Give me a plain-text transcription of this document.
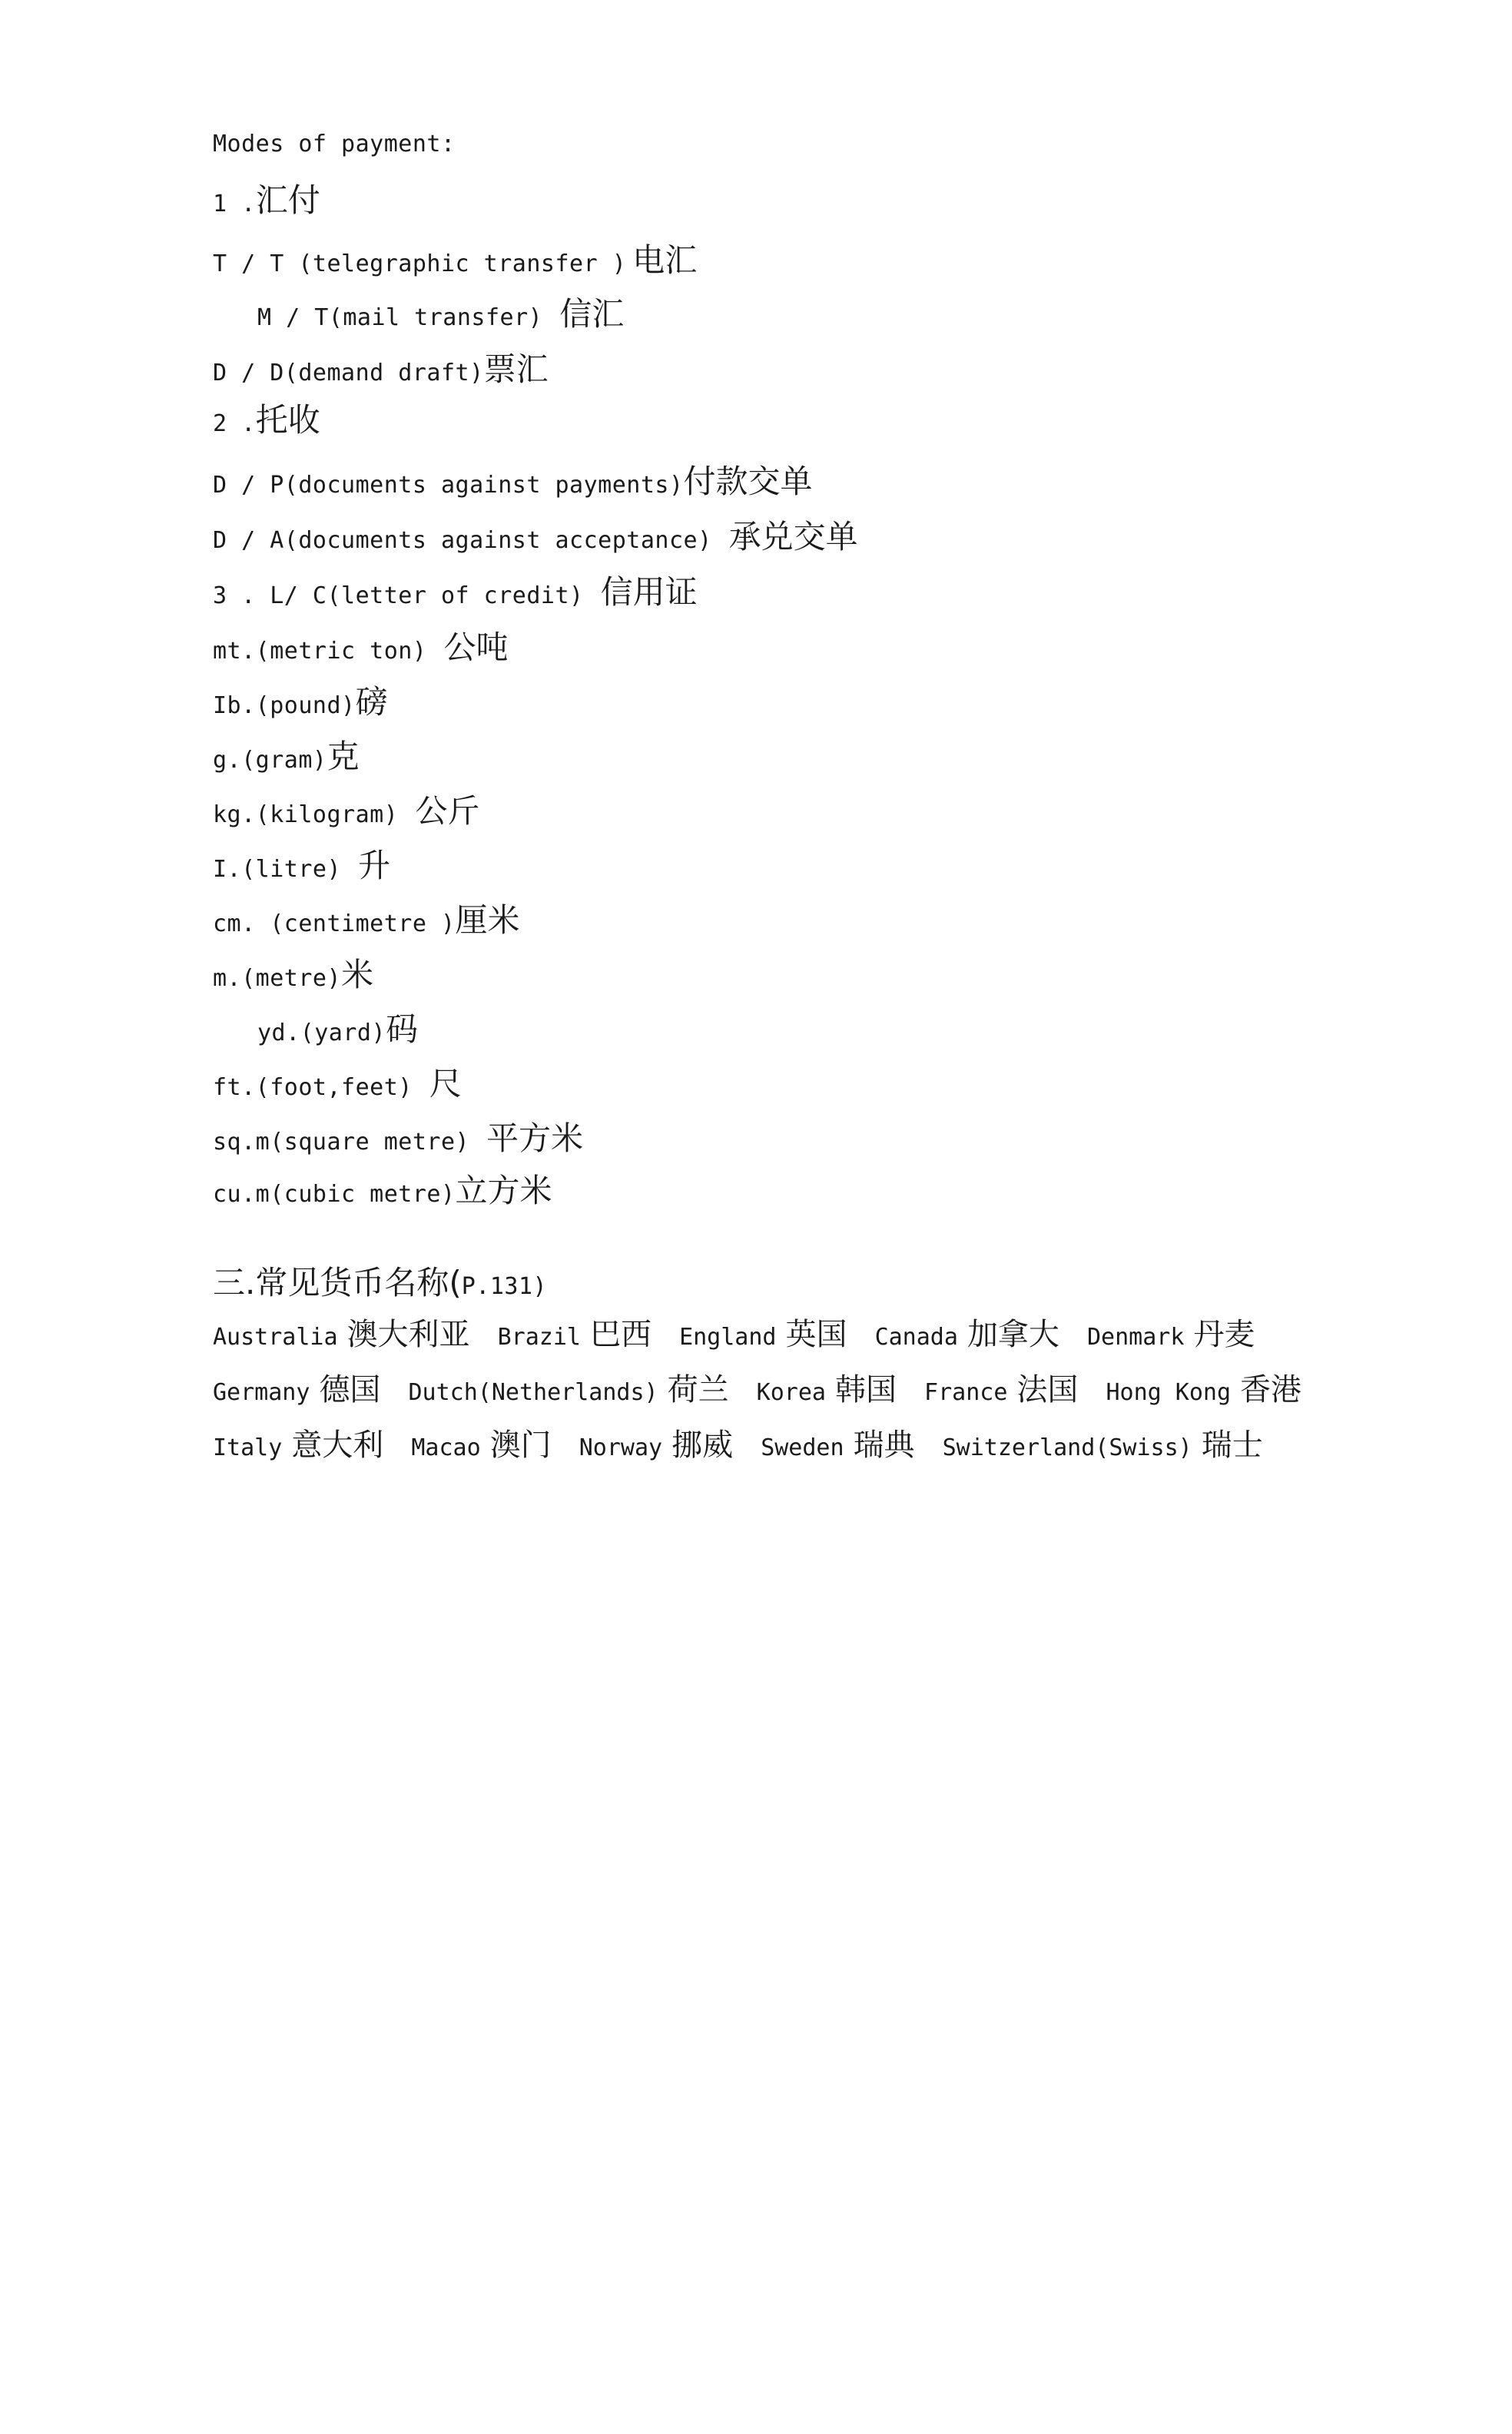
Modes of payment:
1 . 汇付
T / T (telegraphic transfer ) 电汇
M / T(mail transfer) 信汇
D / D(demand draft) 票汇
2 . 托收
D / P(documents against payments) 付款交单
D / A(documents against acceptance) 承兑交单
3 . L/ C(letter of credit) 信用证
mt.(metric ton) 公吨
Ib.(pound) 磅
g.(gram) 克
kg.(kilogram) 公斤
I.(litre) 升
cm. (centimetre ) 厘米
m.(metre) 米
yd.(yard) 码
ft.(foot,feet) 尺
sq.m(square metre) 平方米
cu.m(cubic metre) 立方米
三.常见货币名称( P.131)
Australia 澳大利亚 Brazil 巴西 England 英国 Canada 加拿大 Denmark 丹麦 Germany 德国 Dutch(Netherlands) 荷兰 Korea 韩国 France 法国 Hong Kong 香港 Italy 意大利 Macao 澳门 Norway 挪威 Sweden 瑞典 Switzerland(Swiss) 瑞士
